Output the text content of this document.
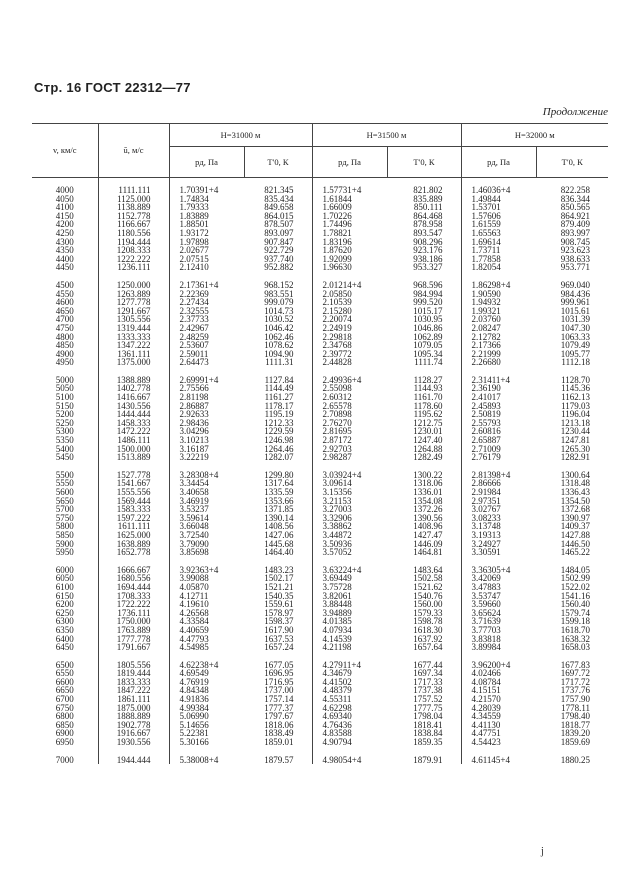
Стр. 16 ГОСТ 22312—77
Продолжение
v, км/с	ū, м/с	H=31000 м		H=31500 м		H=32000 м	
		pд, Па	T′0, К	pд, Па	T′0, К	pд, Па	T′0, К
4000	1111.111	1.70391+4	821.345	1.57731+4	821.802	1.46036+4	822.258
4050	1125.000	1.74834	835.434	1.61844	835.889	1.49844	836.344
4100	1138.889	1.79333	849.658	1.66009	850.111	1.53701	850.565
4150	1152.778	1.83889	864.015	1.70226	864.468	1.57606	864.921
4200	1166.667	1.88501	878.507	1.74496	878.958	1.61559	879.409
4250	1180.556	1.93172	893.097	1.78821	893.547	1.65563	893.997
4300	1194.444	1.97898	907.847	1.83196	908.296	1.69614	908.745
4350	1208.333	2.02677	922.729	1.87620	923.176	1.73711	923.623
4400	1222.222	2.07515	937.740	1.92099	938.186	1.77858	938.633
4450	1236.111	2.12410	952.882	1.96630	953.327	1.82054	953.771
4500	1250.000	2.17361+4	968.152	2.01214+4	968.596	1.86298+4	969.040
4550	1263.889	2.22369	983.551	2.05850	984.994	1.90590	984.436
4600	1277.778	2.27434	999.079	2.10539	999.520	1.94932	999.961
4650	1291.667	2.32555	1014.73	2.15280	1015.17	1.99321	1015.61
4700	1305.556	2.37733	1030.52	2.20074	1030.95	2.03760	1031.39
4750	1319.444	2.42967	1046.42	2.24919	1046.86	2.08247	1047.30
4800	1333.333	2.48259	1062.46	2.29818	1062.89	2.12782	1063.33
4850	1347.222	2.53607	1078.62	2.34768	1079.05	2.17366	1079.49
4900	1361.111	2.59011	1094.90	2.39772	1095.34	2.21999	1095.77
4950	1375.000	2.64473	1111.31	2.44828	1111.74	2.26680	1112.18
5000	1388.889	2.69991+4	1127.84	2.49936+4	1128.27	2.31411+4	1128.70
5050	1402.778	2.75566	1144.49	2.55098	1144.93	2.36190	1145.36
5100	1416.667	2.81198	1161.27	2.60312	1161.70	2.41017	1162.13
5150	1430.556	2.86887	1178.17	2.65578	1178.60	2.45893	1179.03
5200	1444.444	2.92633	1195.19	2.70898	1195.62	2.50819	1196.04
5250	1458.333	2.98436	1212.33	2.76270	1212.75	2.55793	1213.18
5300	1472.222	3.04296	1229.59	2.81695	1230.01	2.60816	1230.44
5350	1486.111	3.10213	1246.98	2.87172	1247.40	2.65887	1247.81
5400	1500.000	3.16187	1264.46	2.92703	1264.88	2.71009	1265.30
5450	1513.889	3.22219	1282.07	2.98287	1282.49	2.76179	1282.91
5500	1527.778	3.28308+4	1299.80	3.03924+4	1300.22	2.81398+4	1300.64
5550	1541.667	3.34454	1317.64	3.09614	1318.06	2.86666	1318.48
5600	1555.556	3.40658	1335.59	3.15356	1336.01	2.91984	1336.43
5650	1569.444	3.46919	1353.66	3.21153	1354.08	2.97351	1354.50
5700	1583.333	3.53237	1371.85	3.27003	1372.26	3.02767	1372.68
5750	1597.222	3.59614	1390.14	3.32906	1390.56	3.08233	1390.97
5800	1611.111	3.66048	1408.56	3.38862	1408.96	3.13748	1409.37
5850	1625.000	3.72540	1427.06	3.44872	1427.47	3.19313	1427.88
5900	1638.889	3.79090	1445.68	3.50936	1446.09	3.24927	1446.50
5950	1652.778	3.85698	1464.40	3.57052	1464.81	3.30591	1465.22
6000	1666.667	3.92363+4	1483.23	3.63224+4	1483.64	3.36305+4	1484.05
6050	1680.556	3.99088	1502.17	3.69449	1502.58	3.42069	1502.99
6100	1694.444	4.05870	1521.21	3.75728	1521.62	3.47883	1522.02
6150	1708.333	4.12711	1540.35	3.82061	1540.76	3.53747	1541.16
6200	1722.222	4.19610	1559.61	3.88448	1560.00	3.59660	1560.40
6250	1736.111	4.26568	1578.97	3.94889	1579.33	3.65624	1579.74
6300	1750.000	4.33584	1598.37	4.01385	1598.78	3.71639	1599.18
6350	1763.889	4.40659	1617.90	4.07934	1618.30	3.77703	1618.70
6400	1777.778	4.47793	1637.53	4.14539	1637.92	3.83818	1638.32
6450	1791.667	4.54985	1657.24	4.21198	1657.64	3.89984	1658.03
6500	1805.556	4.62238+4	1677.05	4.27911+4	1677.44	3.96200+4	1677.83
6550	1819.444	4.69549	1696.95	4.34679	1697.34	4.02466	1697.72
6600	1833.333	4.76919	1716.95	4.41502	1717.33	4.08784	1717.72
6650	1847.222	4.84348	1737.00	4.48379	1737.38	4.15151	1737.76
6700	1861.111	4.91836	1757.14	4.55311	1757.52	4.21570	1757.90
6750	1875.000	4.99384	1777.37	4.62298	1777.75	4.28039	1778.11
6800	1888.889	5.06990	1797.67	4.69340	1798.04	4.34559	1798.40
6850	1902.778	5.14656	1818.06	4.76436	1818.41	4.41130	1818.77
6900	1916.667	5.22381	1838.49	4.83588	1838.84	4.47751	1839.20
6950	1930.556	5.30166	1859.01	4.90794	1859.35	4.54423	1859.69
7000	1944.444	5.38008+4	1879.57	4.98054+4	1879.91	4.61145+4	1880.25
ј
